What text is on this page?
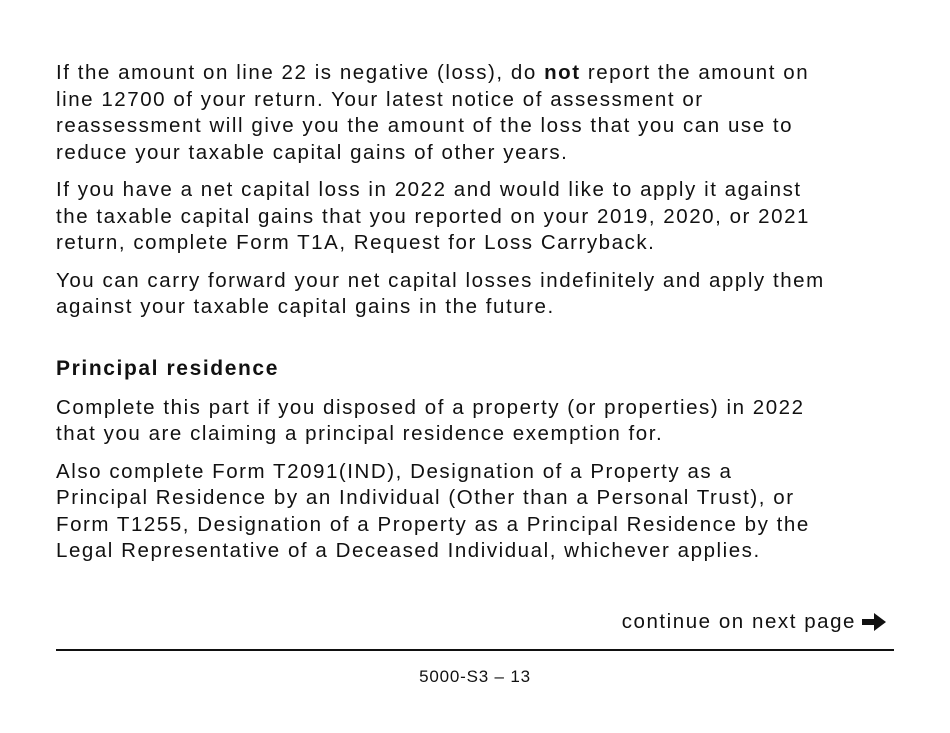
If the amount on line 22 is negative (loss), do not report the amount on
line 12700 of your return. Your latest notice of assessment or
reassessment will give you the amount of the loss that you can use to
reduce your taxable capital gains of other years.

If you have a net capital loss in 2022 and would like to apply it against
the taxable capital gains that you reported on your 2019, 2020, or 2021
return, complete Form T1A, Request for Loss Carryback.

You can carry forward your net capital losses indefinitely and apply them
against your taxable capital gains in the future.

Principal residence

Complete this part if you disposed of a property (or properties) in 2022
that you are claiming a principal residence exemption for.

Also complete Form T2091(IND), Designation of a Property as a
Principal Residence by an Individual (Other than a Personal Trust), or
Form T1255, Designation of a Property as a Principal Residence by the
Legal Representative of a Deceased Individual, whichever applies.

continue on next page
5000-S3 – 13
